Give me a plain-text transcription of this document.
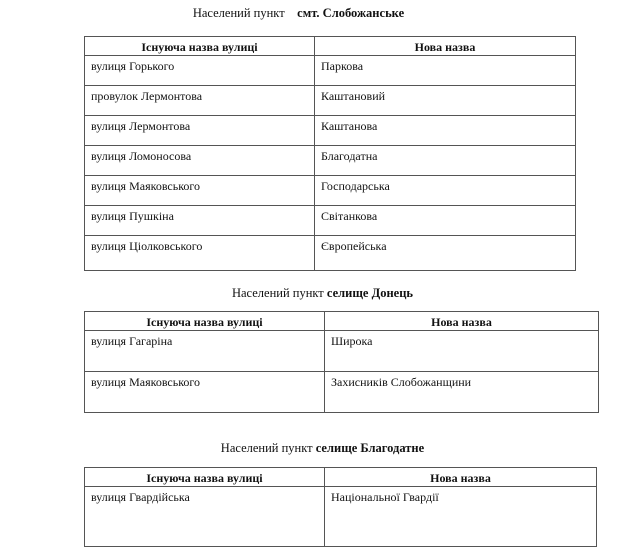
Населений пункт    смт. Слобожанське
Існуюча назва вулиці	Нова назва
вулиця Горького	Паркова
провулок Лермонтова	Каштановий
вулиця Лермонтова	Каштанова
вулиця Ломоносова	Благодатна
вулиця Маяковського	Господарська
вулиця Пушкіна	Світанкова
вулиця Ціолковського	Європейська
Населений пункт селище Донець
Існуюча назва вулиці	Нова назва
вулиця Гагаріна	Широка
вулиця Маяковського	Захисників Слобожанщини
Населений пункт селище Благодатне
Існуюча назва вулиці	Нова назва
вулиця Гвардійська	Національної Гвардії
